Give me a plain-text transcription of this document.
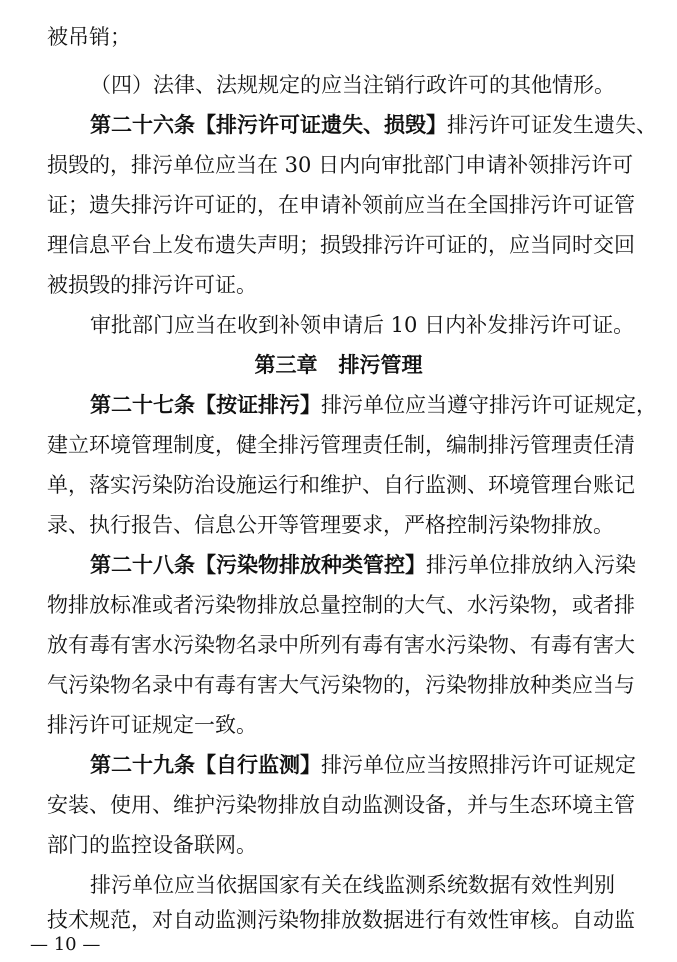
被吊销；
（四）法律、法规规定的应当注销行政许可的其他情形。
第二十六条【排污许可证遗失、损毁】排污许可证发生遗失、
损毁的，排污单位应当在 30 日内向审批部门申请补领排污许可
证；遗失排污许可证的，在申请补领前应当在全国排污许可证管
理信息平台上发布遗失声明；损毁排污许可证的，应当同时交回
被损毁的排污许可证。
审批部门应当在收到补领申请后 10 日内补发排污许可证。
第三章　排污管理
第二十七条【按证排污】排污单位应当遵守排污许可证规定，
建立环境管理制度，健全排污管理责任制，编制排污管理责任清
单，落实污染防治设施运行和维护、自行监测、环境管理台账记
录、执行报告、信息公开等管理要求，严格控制污染物排放。
第二十八条【污染物排放种类管控】排污单位排放纳入污染
物排放标准或者污染物排放总量控制的大气、水污染物，或者排
放有毒有害水污染物名录中所列有毒有害水污染物、有毒有害大
气污染物名录中有毒有害大气污染物的，污染物排放种类应当与
排污许可证规定一致。
第二十九条【自行监测】排污单位应当按照排污许可证规定
安装、使用、维护污染物排放自动监测设备，并与生态环境主管
部门的监控设备联网。
排污单位应当依据国家有关在线监测系统数据有效性判别
技术规范，对自动监测污染物排放数据进行有效性审核。自动监
— 10 —
